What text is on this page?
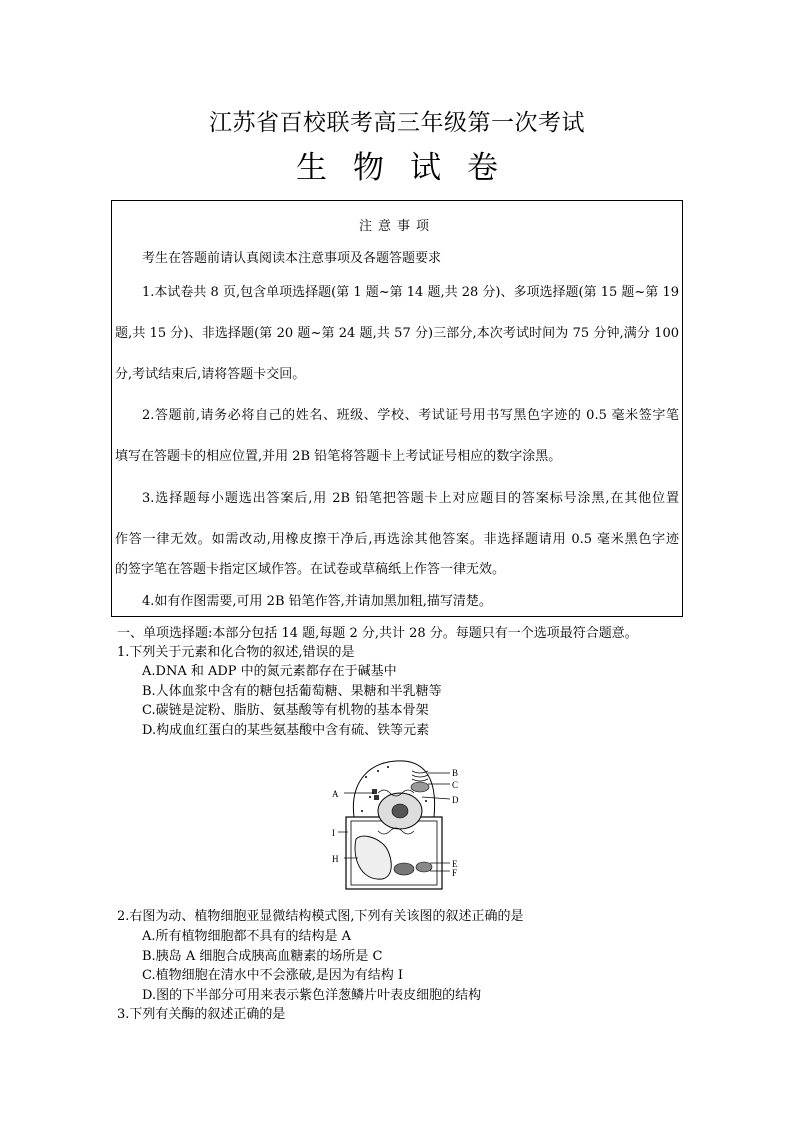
江苏省百校联考高三年级第一次考试
生物试卷
注意事项
考生在答题前请认真阅读本注意事项及各题答题要求
1.本试卷共 8 页,包含单项选择题(第 1 题~第 14 题,共 28 分)、多项选择题(第 15 题~第 19
题,共 15 分)、非选择题(第 20 题~第 24 题,共 57 分)三部分,本次考试时间为 75 分钟,满分 100
分,考试结束后,请将答题卡交回。
2.答题前,请务必将自己的姓名、班级、学校、考试证号用书写黑色字迹的 0.5 毫米签字笔
填写在答题卡的相应位置,并用 2B 铅笔将答题卡上考试证号相应的数字涂黑。
3.选择题每小题选出答案后,用 2B 铅笔把答题卡上对应题目的答案标号涂黑,在其他位置
作答一律无效。如需改动,用橡皮擦干净后,再选涂其他答案。非选择题请用 0.5 毫米黑色字迹
的签字笔在答题卡指定区域作答。在试卷或草稿纸上作答一律无效。
4.如有作图需要,可用 2B 铅笔作答,并请加黑加粗,描写清楚。
一、单项选择题:本部分包括 14 题,每题 2 分,共计 28 分。每题只有一个选项最符合题意。
1.下列关于元素和化合物的叙述,错误的是
A.DNA 和 ADP 中的氮元素都存在于碱基中
B.人体血浆中含有的糖包括葡萄糖、果糖和半乳糖等
C.碳链是淀粉、脂肪、氨基酸等有机物的基本骨架
D.构成血红蛋白的某些氨基酸中含有硫、铁等元素
A
B
C
D
I
H	E
F
2.右图为动、植物细胞亚显微结构模式图,下列有关该图的叙述正确的是
A.所有植物细胞都不具有的结构是 A
B.胰岛 A 细胞合成胰高血糖素的场所是 C
C.植物细胞在清水中不会涨破,是因为有结构 I
D.图的下半部分可用来表示紫色洋葱鳞片叶表皮细胞的结构
3.下列有关酶的叙述正确的是
